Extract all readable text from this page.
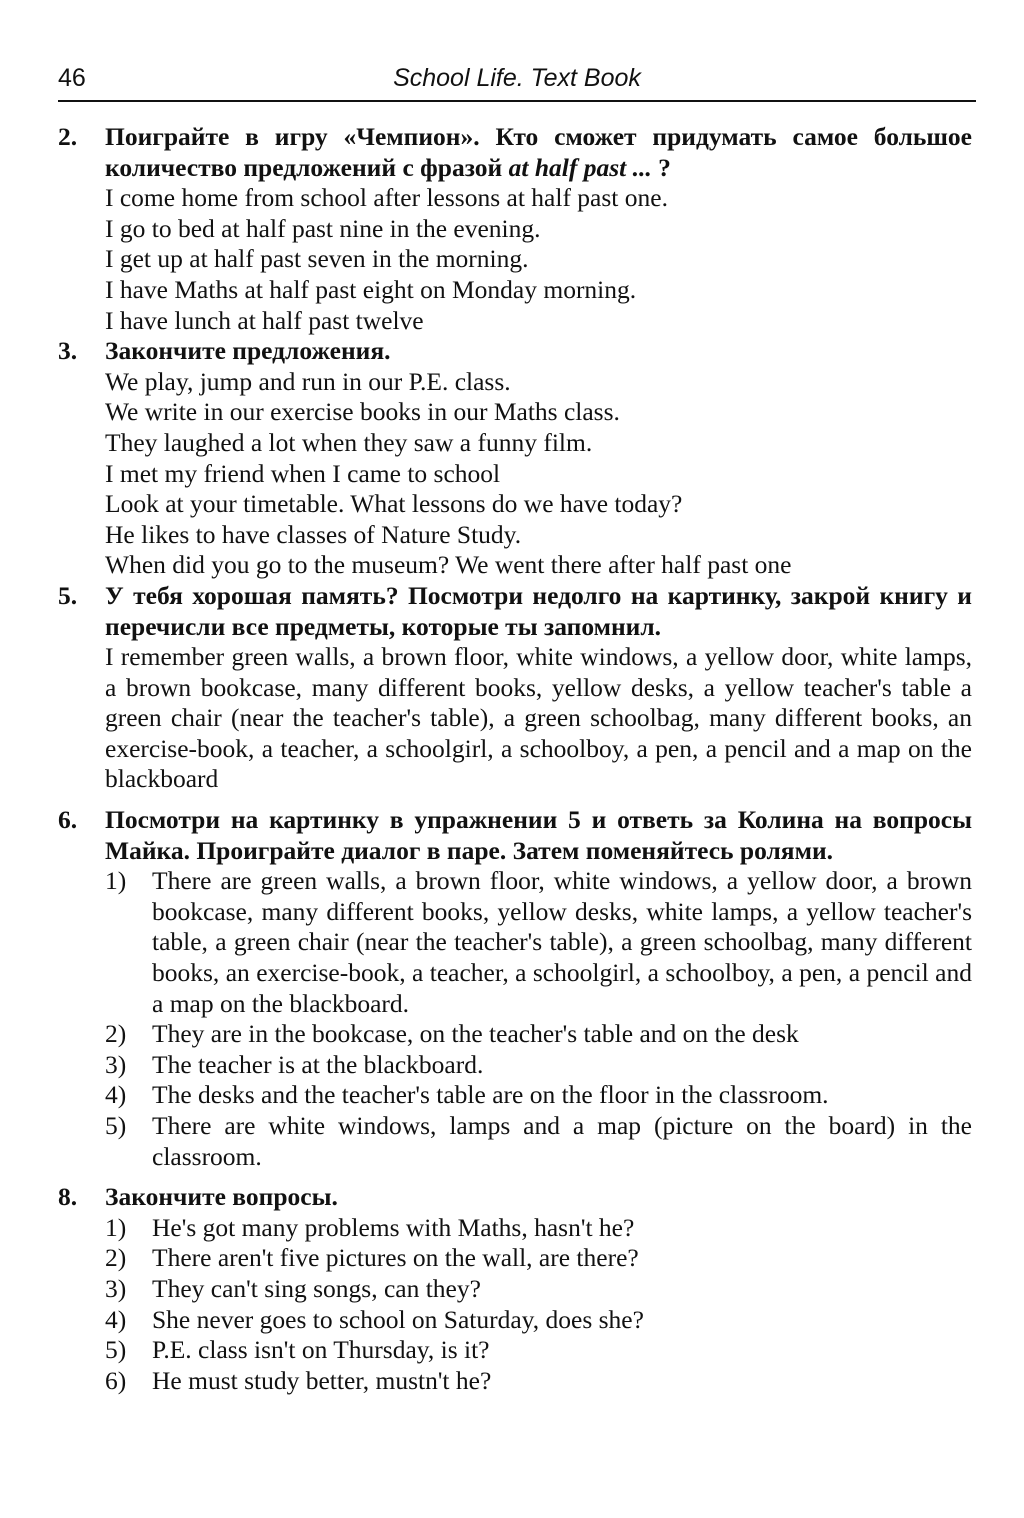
46	School Life. Text Book
2. Поиграйте в игру «Чемпион». Кто сможет придумать самое большое количество предложений с фразой at half past ... ?
I come home from school after lessons at half past one.
I go to bed at half past nine in the evening.
I get up at half past seven in the morning.
I have Maths at half past eight on Monday morning.
I have lunch at half past twelve
3. Закончите предложения.
We play, jump and run in our P.E. class.
We write in our exercise books in our Maths class.
They laughed a lot when they saw a funny film.
I met my friend when I came to school
Look at your timetable. What lessons do we have today?
He likes to have classes of Nature Study.
When did you go to the museum? We went there after half past one
5. У тебя хорошая память? Посмотри недолго на картинку, закрой книгу и перечисли все предметы, которые ты запомнил.
I remember green walls, a brown floor, white windows, a yellow door, white lamps, a brown bookcase, many different books, yellow desks, a yellow teacher's table a green chair (near the teacher's table), a green schoolbag, many different books, an exercise-book, a teacher, a schoolgirl, a schoolboy, a pen, a pencil and a map on the blackboard
6. Посмотри на картинку в упражнении 5 и ответь за Колина на вопросы Майка. Проиграйте диалог в паре. Затем поменяйтесь ролями.
1) There are green walls, a brown floor, white windows, a yellow door, a brown bookcase, many different books, yellow desks, white lamps, a yellow teacher's table, a green chair (near the teacher's table), a green schoolbag, many different books, an exercise-book, a teacher, a schoolgirl, a schoolboy, a pen, a pencil and a map on the blackboard.
2) They are in the bookcase, on the teacher's table and on the desk
3) The teacher is at the blackboard.
4) The desks and the teacher's table are on the floor in the classroom.
5) There are white windows, lamps and a map (picture on the board) in the classroom.
8. Закончите вопросы.
1) He's got many problems with Maths, hasn't he?
2) There aren't five pictures on the wall, are there?
3) They can't sing songs, can they?
4) She never goes to school on Saturday, does she?
5) P.E. class isn't on Thursday, is it?
6) He must study better, mustn't he?
